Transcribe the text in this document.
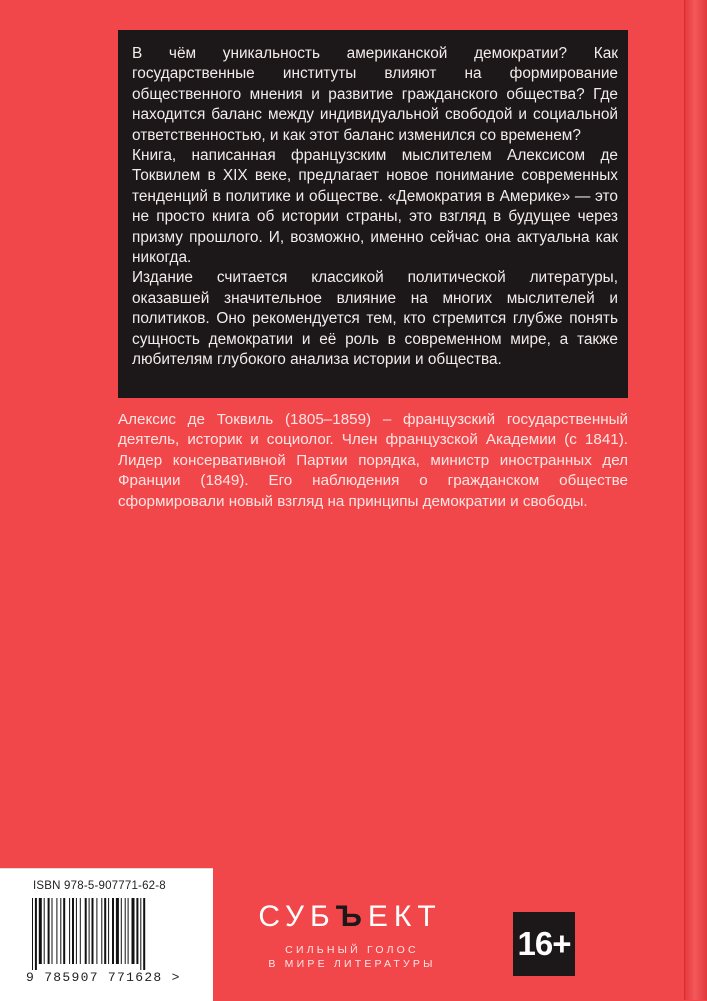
В чём уникальность американской демократии? Как государственные институты влияют на формирование общественного мнения и развитие гражданского общества? Где находится баланс между индивидуальной свободой и социальной ответственностью, и как этот баланс изменился со временем?

Книга, написанная французским мыслителем Алексисом де Токвилем в XIX веке, предлагает новое понимание современных тенденций в политике и обществе. «Демократия в Америке» — это не просто книга об истории страны, это взгляд в будущее через призму прошлого. И, возможно, именно сейчас она актуальна как никогда.

Издание считается классикой политической литературы, оказавшей значительное влияние на многих мыслителей и политиков. Оно рекомендуется тем, кто стремится глубже понять сущность демократии и её роль в современном мире, а также любителям глубокого анализа истории и общества.

Алексис де Токвиль (1805–1859) – французский государственный деятель, историк и социолог. Член французской Академии (с 1841). Лидер консервативной Партии порядка, министр иностранных дел Франции (1849). Его наблюдения о гражданском обществе сформировали новый взгляд на принципы демократии и свободы.

ISBN 978-5-907771-62-8
9 785907 771628 >
СУБЪЕКТ
СИЛЬНЫЙ ГОЛОС
В МИРЕ ЛИТЕРАТУРЫ
16+
